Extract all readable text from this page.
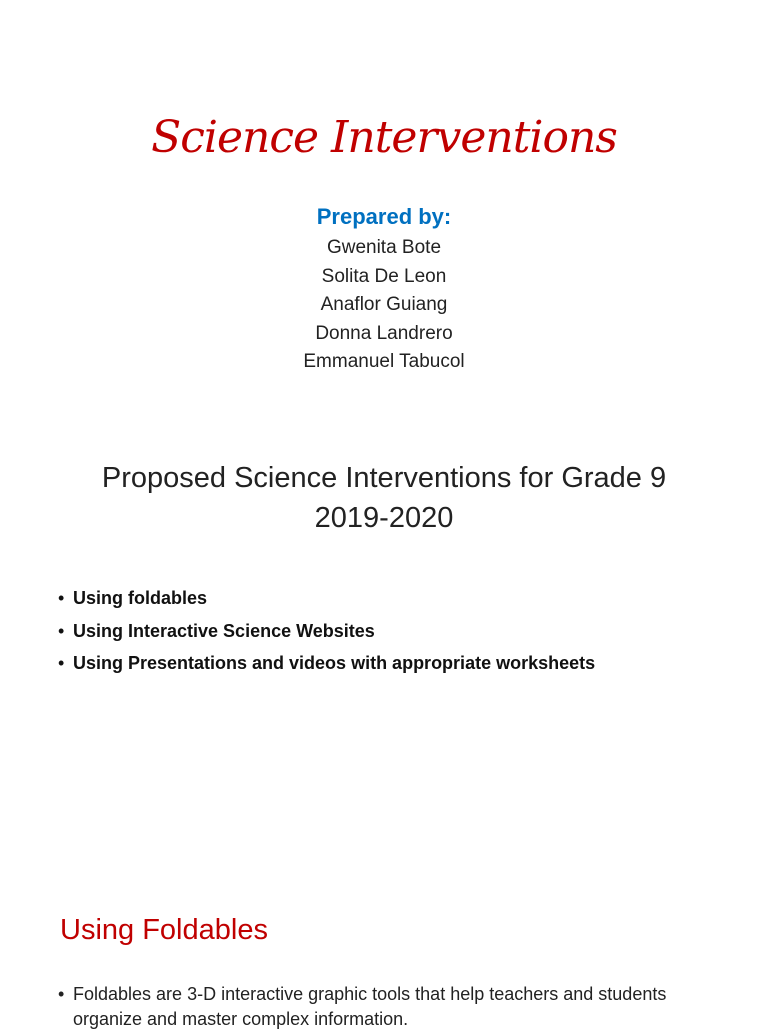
Science Interventions
Prepared by:
Gwenita Bote
Solita De Leon
Anaflor Guiang
Donna Landrero
Emmanuel Tabucol
Proposed Science Interventions for Grade 9
2019-2020
• Using foldables
• Using Interactive Science Websites
• Using Presentations and videos with appropriate worksheets
Using Foldables
• Foldables are 3-D interactive graphic tools that help teachers and students organize and master complex information.
